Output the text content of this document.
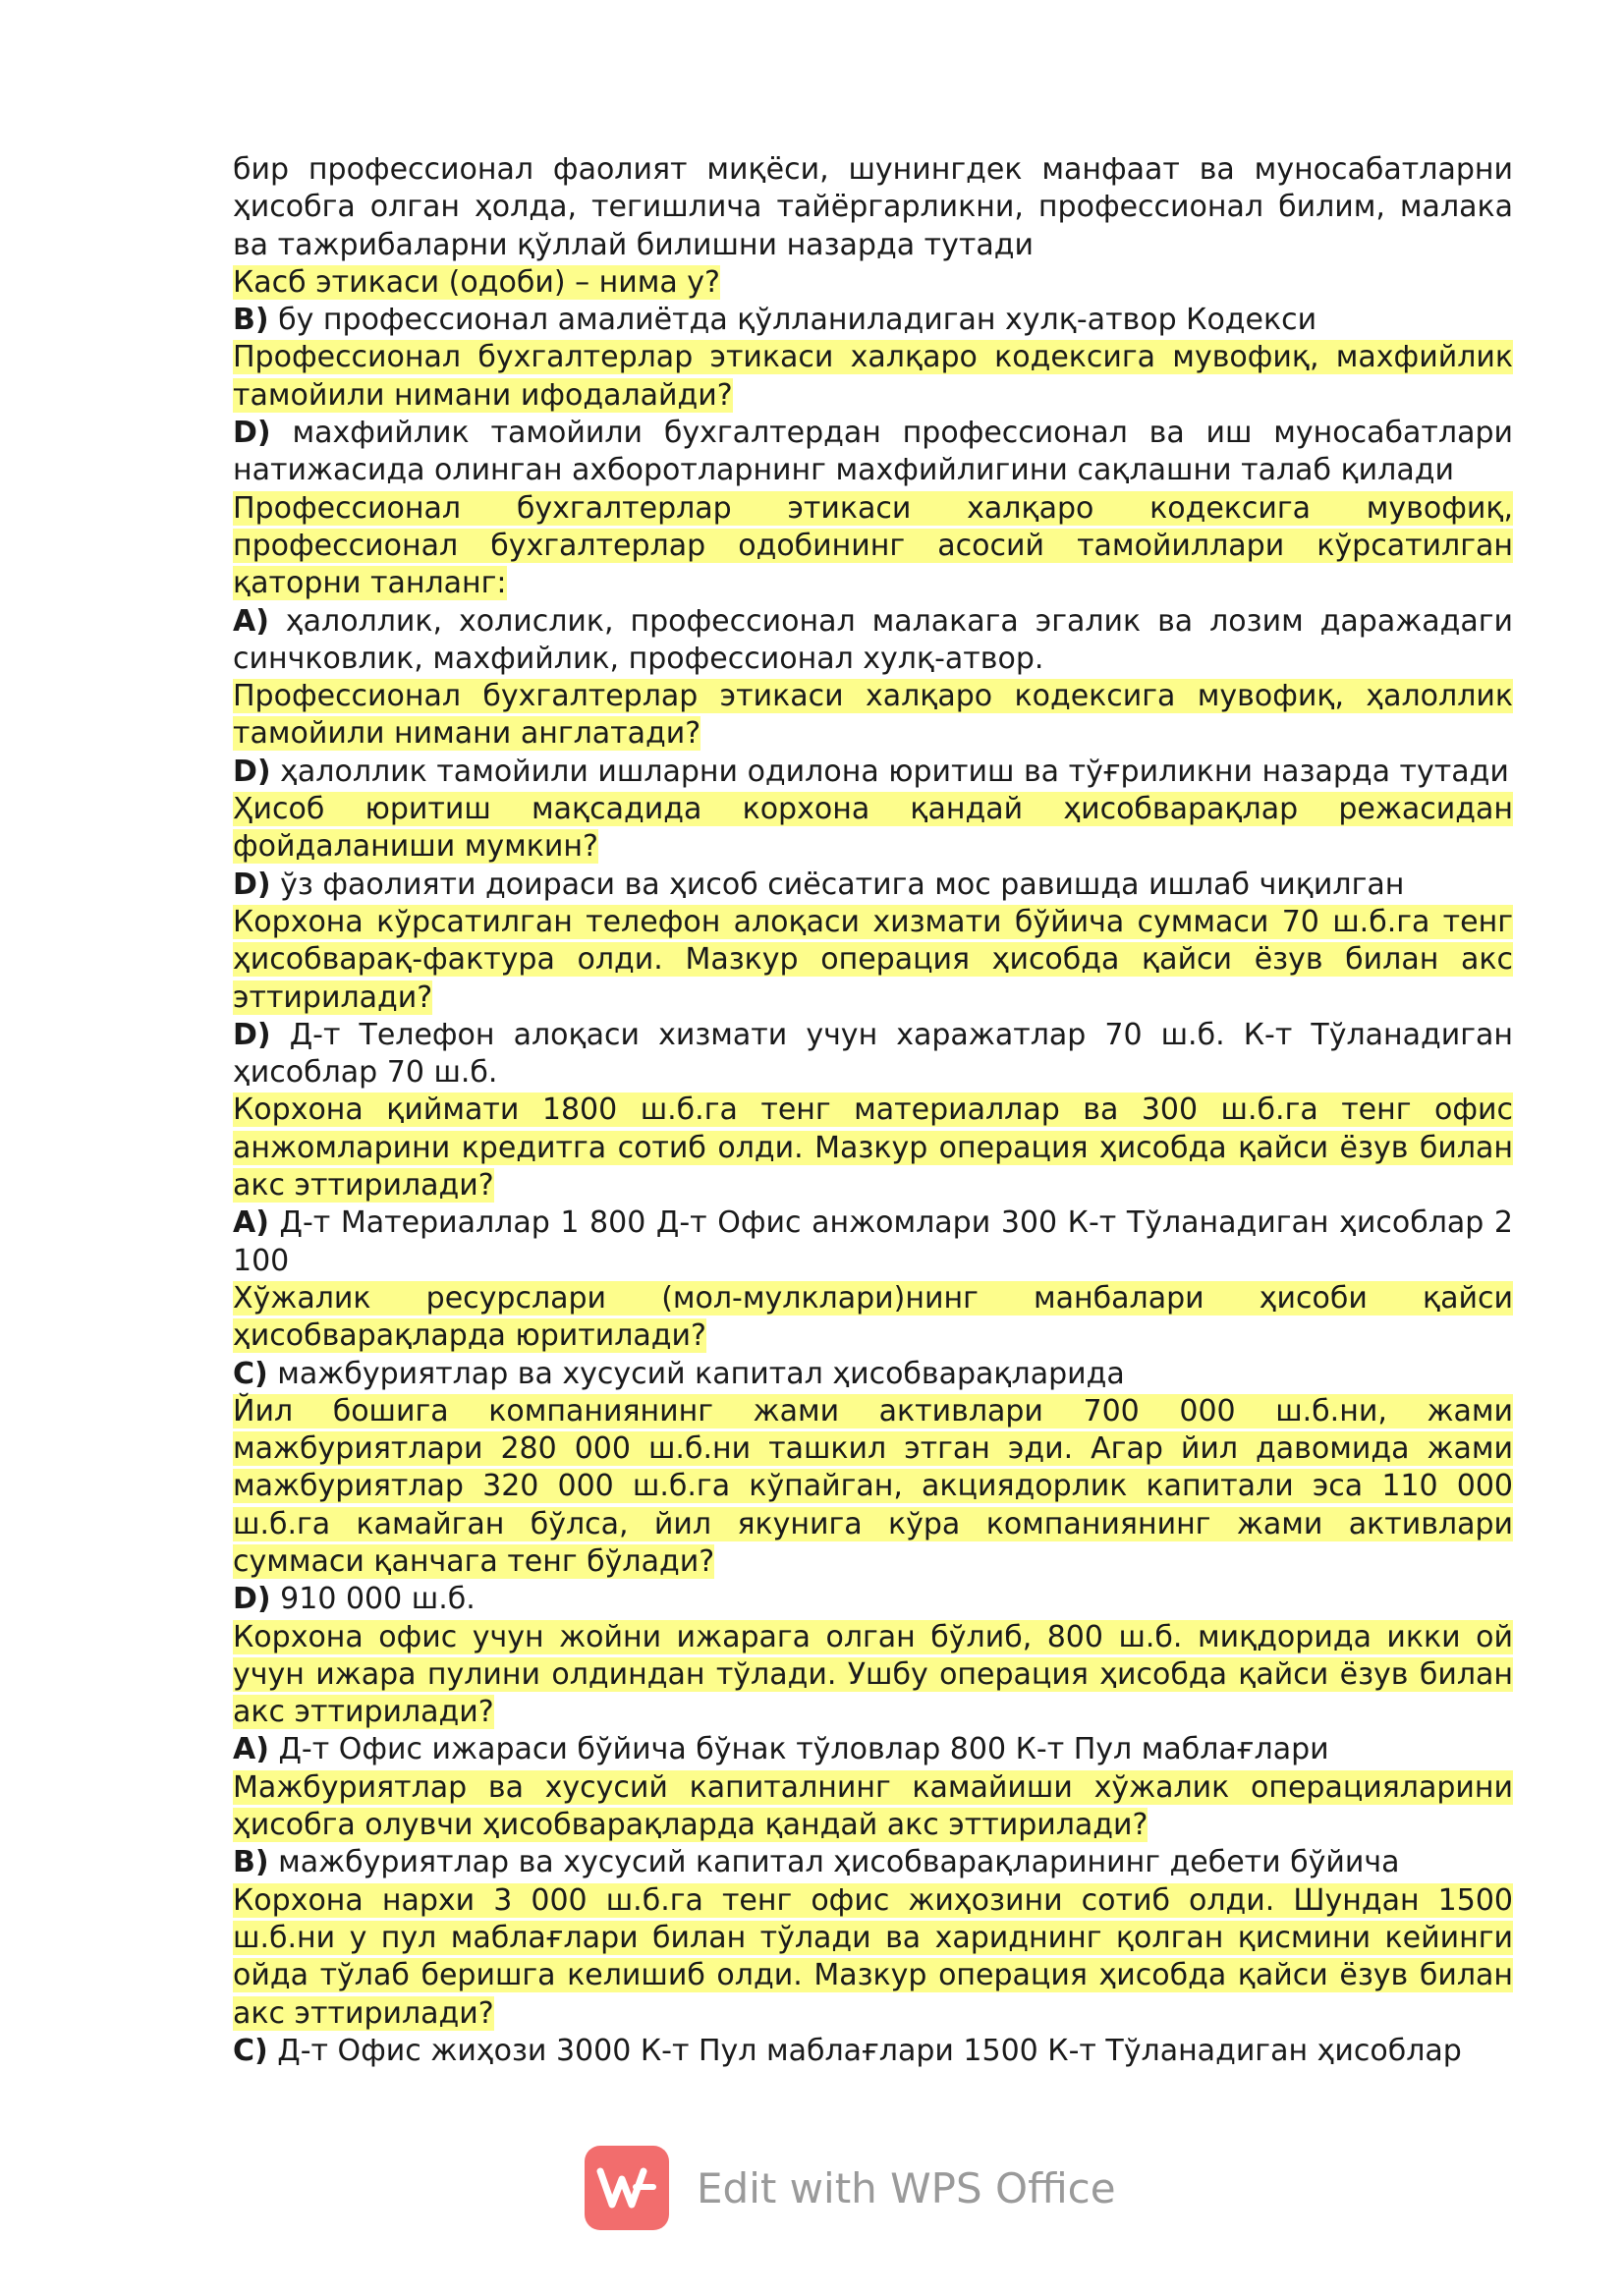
бир профессионал фаолият миқёси, шунингдек манфаат ва муносабатларни ҳисобга олган ҳолда, тегишлича тайёргарликни, профессионал билим, малака ва тажрибаларни қўллай билишни назарда тутади
Касб этикаси (одоби) – нима у?
B) бу профессионал амалиётда қўлланиладиган хулқ-атвор Кодекси
Профессионал бухгалтерлар этикаси халқаро кодексига мувофиқ, махфийлик тамойили нимани ифодалайди?
D) махфийлик тамойили бухгалтердан профессионал ва иш муносабатлари натижасида олинган ахборотларнинг махфийлигини сақлашни талаб қилади
Профессионал бухгалтерлар этикаси халқаро кодексига мувофиқ, профессионал бухгалтерлар одобининг асосий тамойиллари кўрсатилган қаторни танланг:
A) ҳалоллик, холислик, профессионал малакага эгалик ва лозим даражадаги синчковлик, махфийлик, профессионал хулқ-атвор.
Профессионал бухгалтерлар этикаси халқаро кодексига мувофиқ, ҳалоллик тамойили нимани англатади?
D) ҳалоллик тамойили ишларни одилона юритиш ва тўғриликни назарда тутади
Ҳисоб юритиш мақсадида корхона қандай ҳисобварақлар режасидан фойдаланиши мумкин?
D) ўз фаолияти доираси ва ҳисоб сиёсатига мос равишда ишлаб чиқилган
Корхона кўрсатилган телефон алоқаси хизмати бўйича суммаси 70 ш.б.га тенг ҳисобварақ-фактура олди. Мазкур операция ҳисобда қайси ёзув билан акс эттирилади?
D) Д-т Телефон алоқаси хизмати учун харажатлар 70 ш.б. К-т Тўланадиган ҳисоблар 70 ш.б.
Корхона қиймати 1800 ш.б.га тенг материаллар ва 300 ш.б.га тенг офис анжомларини кредитга сотиб олди. Мазкур операция ҳисобда қайси ёзув билан акс эттирилади?
A) Д-т Материаллар 1 800 Д-т Офис анжомлари 300 К-т Тўланадиган ҳисоблар 2 100
Хўжалик ресурслари (мол-мулклари)нинг манбалари ҳисоби қайси ҳисобварақларда юритилади?
C) мажбуриятлар ва хусусий капитал ҳисобварақларида
Йил бошига компаниянинг жами активлари 700 000 ш.б.ни, жами мажбуриятлари 280 000 ш.б.ни ташкил этган эди. Агар йил давомида жами мажбуриятлар 320 000 ш.б.га кўпайган, акциядорлик капитали эса 110 000 ш.б.га камайган бўлса, йил якунига кўра компаниянинг жами активлари суммаси қанчага тенг бўлади?
D) 910 000 ш.б.
Корхона офис учун жойни ижарага олган бўлиб, 800 ш.б. миқдорида икки ой учун ижара пулини олдиндан тўлади. Ушбу операция ҳисобда қайси ёзув билан акс эттирилади?
A) Д-т Офис ижараси бўйича бўнак тўловлар 800 К-т Пул маблағлари
Мажбуриятлар ва хусусий капиталнинг камайиши хўжалик операцияларини ҳисобга олувчи ҳисобварақларда қандай акс эттирилади?
B) мажбуриятлар ва хусусий капитал ҳисобварақларининг дебети бўйича
Корхона нархи 3 000 ш.б.га тенг офис жиҳозини сотиб олди. Шундан 1500 ш.б.ни у пул маблағлари билан тўлади ва хариднинг қолган қисмини кейинги ойда тўлаб беришга келишиб олди. Мазкур операция ҳисобда қайси ёзув билан акс эттирилади?
C) Д-т Офис жиҳози 3000 К-т Пул маблағлари 1500 К-т Тўланадиган ҳисоблар
Edit with WPS Office
